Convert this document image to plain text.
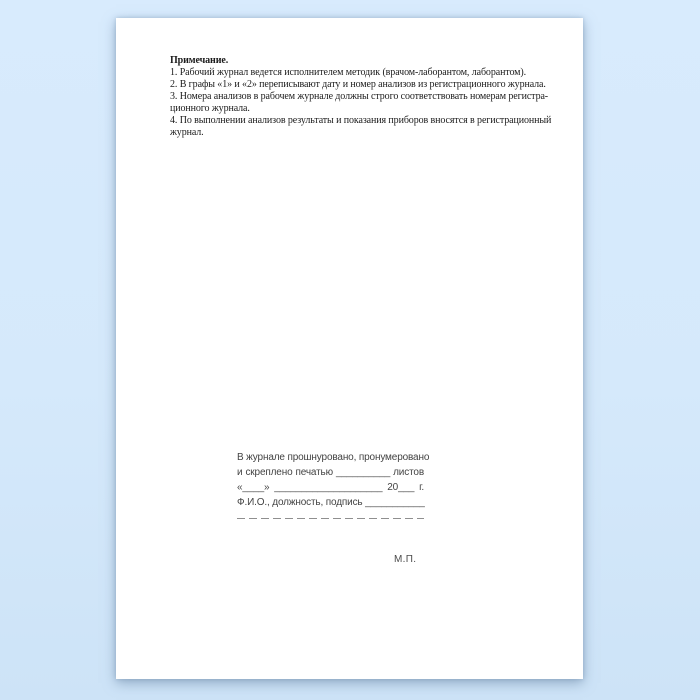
Примечание.
1. Рабочий журнал ведется исполнителем методик (врачом-лаборантом, лаборантом).
2. В графы «1» и «2» переписывают дату и номер анализов из регистрационного журнала.
3. Номера анализов в рабочем журнале должны строго соответствовать номерам регистра-
ционного журнала.
4. По выполнении анализов результаты и показания приборов вносятся в регистрационный
журнал.
В журнале прошнуровано, пронумеровано
и скреплено печатью __________ листов
«____» ____________________ 20___ г.
Ф.И.О., должность, подпись ___________
М.П.
